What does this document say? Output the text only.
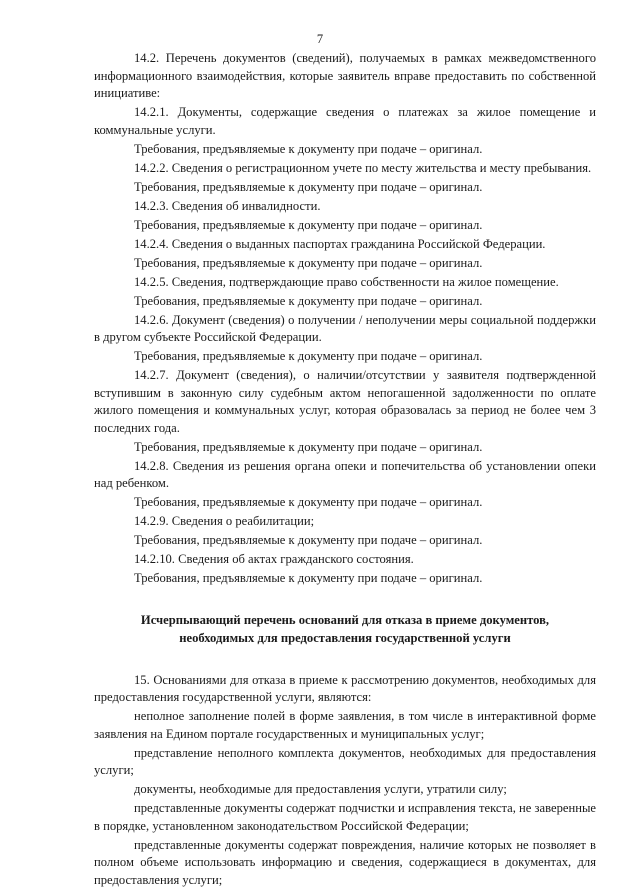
7

14.2. Перечень документов (сведений), получаемых в рамках межведомственного информационного взаимодействия, которые заявитель вправе предоставить по собственной инициативе:

14.2.1. Документы, содержащие сведения о платежах за жилое помещение и коммунальные услуги.

Требования, предъявляемые к документу при подаче – оригинал.

14.2.2. Сведения о регистрационном учете по месту жительства и месту пребывания.

Требования, предъявляемые к документу при подаче – оригинал.

14.2.3. Сведения об инвалидности.

Требования, предъявляемые к документу при подаче – оригинал.

14.2.4. Сведения о выданных паспортах гражданина Российской Федерации.

Требования, предъявляемые к документу при подаче – оригинал.

14.2.5. Сведения, подтверждающие право собственности на жилое помещение.

Требования, предъявляемые к документу при подаче – оригинал.

14.2.6. Документ (сведения) о получении / неполучении меры социальной поддержки в другом субъекте Российской Федерации.

Требования, предъявляемые к документу при подаче – оригинал.

14.2.7. Документ (сведения), о наличии/отсутствии у заявителя подтвержденной вступившим в законную силу судебным актом непогашенной задолженности по оплате жилого помещения и коммунальных услуг, которая образовалась за период не более чем 3 последних года.

Требования, предъявляемые к документу при подаче – оригинал.

14.2.8. Сведения из решения органа опеки и попечительства об установлении опеки над ребенком.

Требования, предъявляемые к документу при подаче – оригинал.

14.2.9. Сведения о реабилитации;

Требования, предъявляемые к документу при подаче – оригинал.

14.2.10. Сведения об актах гражданского состояния.

Требования, предъявляемые к документу при подаче – оригинал.

Исчерпывающий перечень оснований для отказа в приеме документов,
необходимых для предоставления государственной услуги

15. Основаниями для отказа в приеме к рассмотрению документов, необходимых для предоставления государственной услуги, являются:

неполное заполнение полей в форме заявления, в том числе в интерактивной форме заявления на Едином портале государственных и муниципальных услуг;

представление неполного комплекта документов, необходимых для предоставления услуги;

документы, необходимые для предоставления услуги, утратили силу;

представленные документы содержат подчистки и исправления текста, не заверенные в порядке, установленном законодательством Российской Федерации;

представленные документы содержат повреждения, наличие которых не позволяет в полном объеме использовать информацию и сведения, содержащиеся в документах, для предоставления услуги;
